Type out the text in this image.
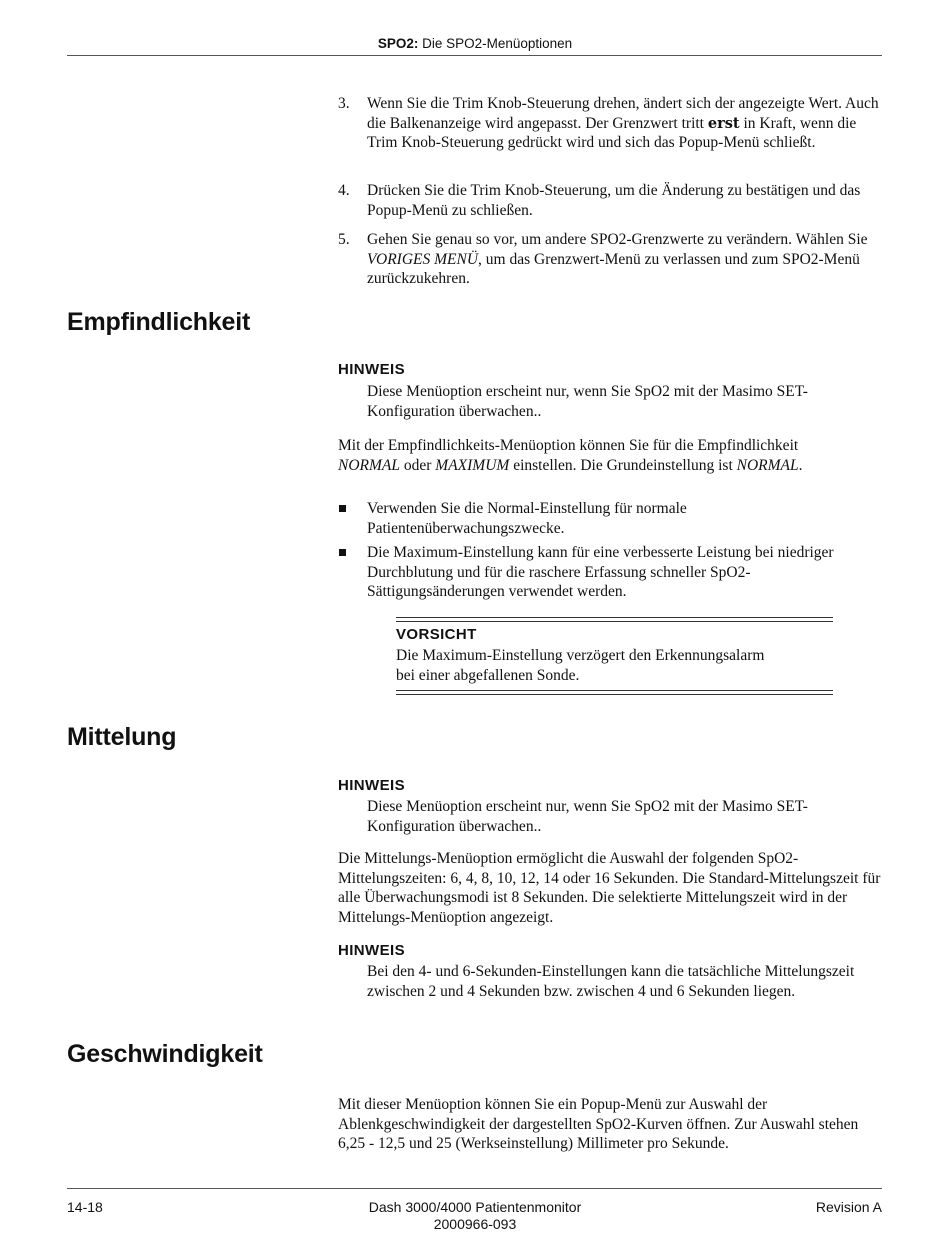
SPO2: Die SPO2-Menüoptionen
3. Wenn Sie die Trim Knob-Steuerung drehen, ändert sich der angezeigte Wert. Auch die Balkenanzeige wird angepasst. Der Grenzwert tritt erst in Kraft, wenn die Trim Knob-Steuerung gedrückt wird und sich das Popup-Menü schließt.
4. Drücken Sie die Trim Knob-Steuerung, um die Änderung zu bestätigen und das Popup-Menü zu schließen.
5. Gehen Sie genau so vor, um andere SPO2-Grenzwerte zu verändern. Wählen Sie VORIGES MENÜ, um das Grenzwert-Menü zu verlassen und zum SPO2-Menü zurückzukehren.
Empfindlichkeit
HINWEIS
Diese Menüoption erscheint nur, wenn Sie SpO2 mit der Masimo SET-Konfiguration überwachen..
Mit der Empfindlichkeits-Menüoption können Sie für die Empfindlichkeit NORMAL oder MAXIMUM einstellen. Die Grundeinstellung ist NORMAL.
Verwenden Sie die Normal-Einstellung für normale Patientenüberwachungszwecke.
Die Maximum-Einstellung kann für eine verbesserte Leistung bei niedriger Durchblutung und für die raschere Erfassung schneller SpO2-Sättigungsänderungen verwendet werden.
VORSICHT
Die Maximum-Einstellung verzögert den Erkennungsalarm bei einer abgefallenen Sonde.
Mittelung
HINWEIS
Diese Menüoption erscheint nur, wenn Sie SpO2 mit der Masimo SET-Konfiguration überwachen..
Die Mittelungs-Menüoption ermöglicht die Auswahl der folgenden SpO2-Mittelungszeiten: 6, 4, 8, 10, 12, 14 oder 16 Sekunden. Die Standard-Mittelungszeit für alle Überwachungsmodi ist 8 Sekunden. Die selektierte Mittelungszeit wird in der Mittelungs-Menüoption angezeigt.
HINWEIS
Bei den 4- und 6-Sekunden-Einstellungen kann die tatsächliche Mittelungszeit zwischen 2 und 4 Sekunden bzw. zwischen 4 und 6 Sekunden liegen.
Geschwindigkeit
Mit dieser Menüoption können Sie ein Popup-Menü zur Auswahl der Ablenkgeschwindigkeit der dargestellten SpO2-Kurven öffnen. Zur Auswahl stehen 6,25 - 12,5 und 25 (Werkseinstellung) Millimeter pro Sekunde.
14-18	Dash 3000/4000 Patientenmonitor
2000966-093
Revision A
